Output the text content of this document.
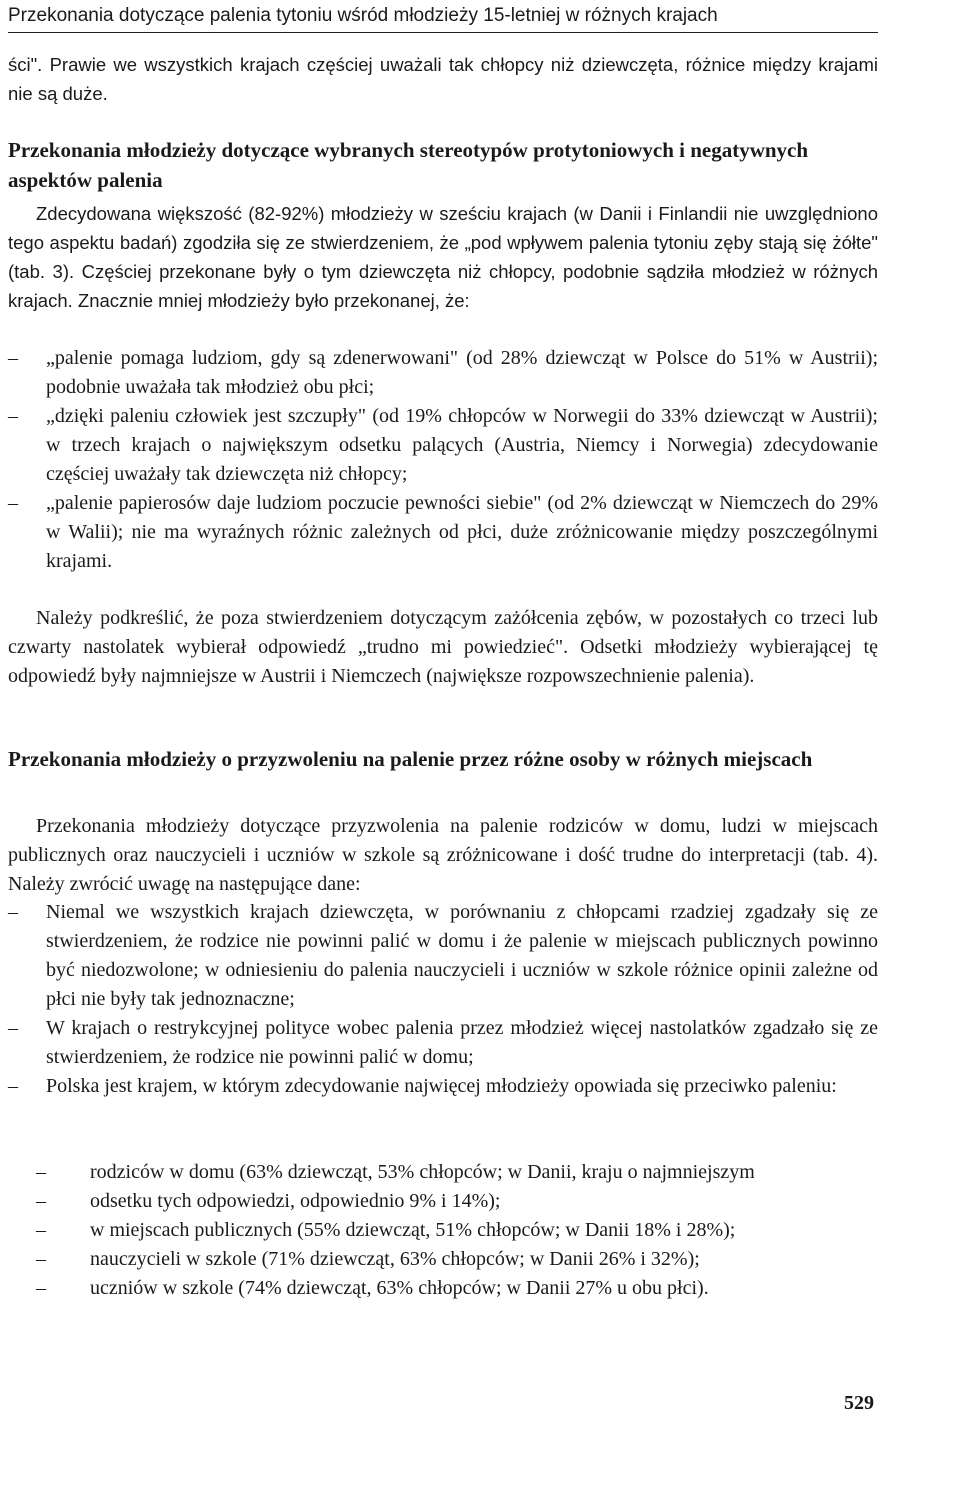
Przekonania dotyczące palenia tytoniu wśród młodzieży 15-letniej w różnych krajach

ści". Prawie we wszystkich krajach częściej uważali tak chłopcy niż dziewczęta, różnice między krajami nie są duże.

Przekonania młodzieży dotyczące wybranych stereotypów protytoniowych i negatywnych aspektów palenia

Zdecydowana większość (82-92%) młodzieży w sześciu krajach (w Danii i Finlandii nie uwzględniono tego aspektu badań) zgodziła się ze stwierdzeniem, że „pod wpływem palenia tytoniu zęby stają się żółte" (tab. 3). Częściej przekonane były o tym dziewczęta niż chłopcy, podobnie sądziła młodzież w różnych krajach. Znacznie mniej młodzieży było przekonanej, że:

– „palenie pomaga ludziom, gdy są zdenerwowani" (od 28% dziewcząt w Polsce do 51% w Austrii); podobnie uważała tak młodzież obu płci;
– „dzięki paleniu człowiek jest szczupły" (od 19% chłopców w Norwegii do 33% dziewcząt w Austrii); w trzech krajach o największym odsetku palących (Austria, Niemcy i Norwegia) zdecydowanie częściej uważały tak dziewczęta niż chłopcy;
– „palenie papierosów daje ludziom poczucie pewności siebie" (od 2% dziewcząt w Niemczech do 29% w Walii); nie ma wyraźnych różnic zależnych od płci, duże zróżnicowanie między poszczególnymi krajami.

Należy podkreślić, że poza stwierdzeniem dotyczącym zażółcenia zębów, w pozostałych co trzeci lub czwarty nastolatek wybierał odpowiedź „trudno mi powiedzieć". Odsetki młodzieży wybierającej tę odpowiedź były najmniejsze w Austrii i Niemczech (największe rozpowszechnienie palenia).

Przekonania młodzieży o przyzwoleniu na palenie przez różne osoby w różnych miejscach

Przekonania młodzieży dotyczące przyzwolenia na palenie rodziców w domu, ludzi w miejscach publicznych oraz nauczycieli i uczniów w szkole są zróżnicowane i dość trudne do interpretacji (tab. 4). Należy zwrócić uwagę na następujące dane:

– Niemal we wszystkich krajach dziewczęta, w porównaniu z chłopcami rzadziej zgadzały się ze stwierdzeniem, że rodzice nie powinni palić w domu i że palenie w miejscach publicznych powinno być niedozwolone; w odniesieniu do palenia nauczycieli i uczniów w szkole różnice opinii zależne od płci nie były tak jednoznaczne;
– W krajach o restrykcyjnej polityce wobec palenia przez młodzież więcej nastolatków zgadzało się ze stwierdzeniem, że rodzice nie powinni palić w domu;
– Polska jest krajem, w którym zdecydowanie najwięcej młodzieży opowiada się przeciwko paleniu:
– rodziców w domu (63% dziewcząt, 53% chłopców; w Danii, kraju o najmniejszym
– odsetku tych odpowiedzi, odpowiednio 9% i 14%);
– w miejscach publicznych (55% dziewcząt, 51% chłopców; w Danii 18% i 28%);
– nauczycieli w szkole (71% dziewcząt, 63% chłopców; w Danii 26% i 32%);
– uczniów w szkole (74% dziewcząt, 63% chłopców; w Danii 27% u obu płci).
529
